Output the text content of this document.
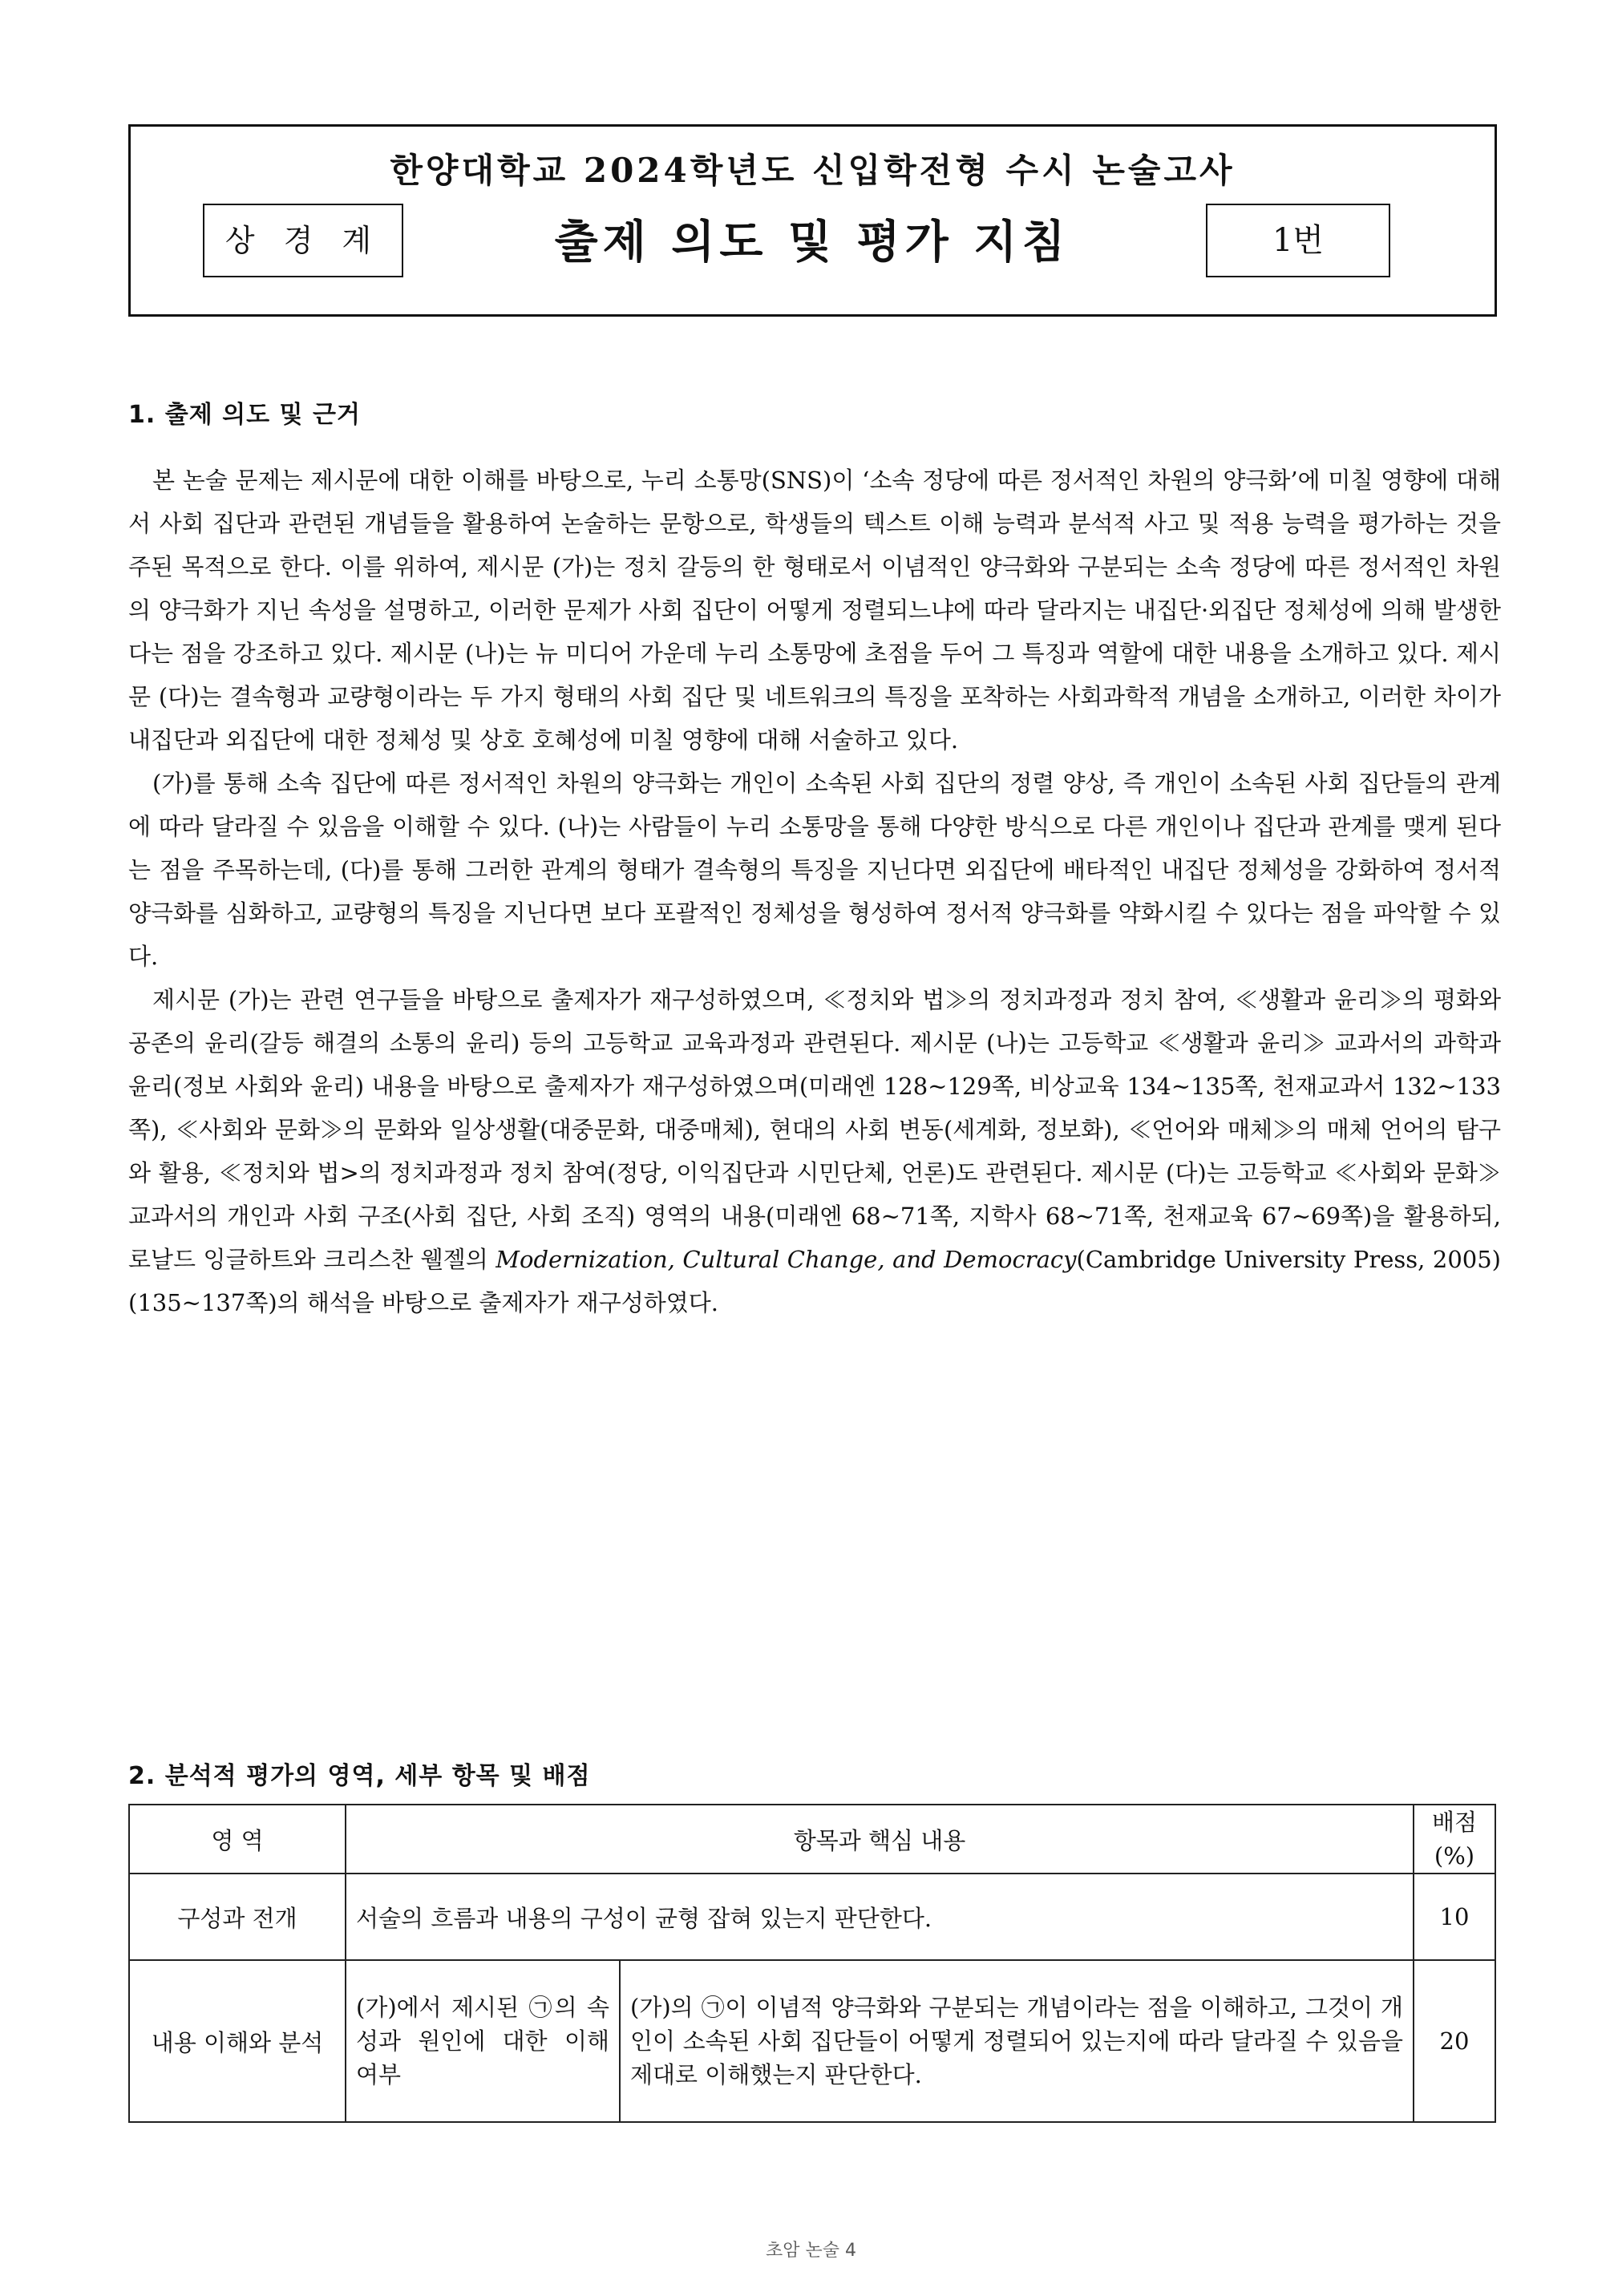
한양대학교 2024학년도 신입학전형 수시 논술고사
상 경 계	출제 의도 및 평가 지침	1번
1. 출제 의도 및 근거

본 논술 문제는 제시문에 대한 이해를 바탕으로, 누리 소통망(SNS)이 ‘소속 정당에 따른 정서적인 차원의 양극화’에 미칠 영향에 대해서 사회 집단과 관련된 개념들을 활용하여 논술하는 문항으로, 학생들의 텍스트 이해 능력과 분석적 사고 및 적용 능력을 평가하는 것을 주된 목적으로 한다. 이를 위하여, 제시문 (가)는 정치 갈등의 한 형태로서 이념적인 양극화와 구분되는 소속 정당에 따른 정서적인 차원의 양극화가 지닌 속성을 설명하고, 이러한 문제가 사회 집단이 어떻게 정렬되느냐에 따라 달라지는 내집단·외집단 정체성에 의해 발생한다는 점을 강조하고 있다. 제시문 (나)는 뉴 미디어 가운데 누리 소통망에 초점을 두어 그 특징과 역할에 대한 내용을 소개하고 있다. 제시문 (다)는 결속형과 교량형이라는 두 가지 형태의 사회 집단 및 네트워크의 특징을 포착하는 사회과학적 개념을 소개하고, 이러한 차이가 내집단과 외집단에 대한 정체성 및 상호 호혜성에 미칠 영향에 대해 서술하고 있다.

(가)를 통해 소속 집단에 따른 정서적인 차원의 양극화는 개인이 소속된 사회 집단의 정렬 양상, 즉 개인이 소속된 사회 집단들의 관계에 따라 달라질 수 있음을 이해할 수 있다. (나)는 사람들이 누리 소통망을 통해 다양한 방식으로 다른 개인이나 집단과 관계를 맺게 된다는 점을 주목하는데, (다)를 통해 그러한 관계의 형태가 결속형의 특징을 지닌다면 외집단에 배타적인 내집단 정체성을 강화하여 정서적 양극화를 심화하고, 교량형의 특징을 지닌다면 보다 포괄적인 정체성을 형성하여 정서적 양극화를 약화시킬 수 있다는 점을 파악할 수 있다.

제시문 (가)는 관련 연구들을 바탕으로 출제자가 재구성하였으며, ≪정치와 법≫의 정치과정과 정치 참여, ≪생활과 윤리≫의 평화와 공존의 윤리(갈등 해결의 소통의 윤리) 등의 고등학교 교육과정과 관련된다. 제시문 (나)는 고등학교 ≪생활과 윤리≫ 교과서의 과학과 윤리(정보 사회와 윤리) 내용을 바탕으로 출제자가 재구성하였으며(미래엔 128~129쪽, 비상교육 134~135쪽, 천재교과서 132~133쪽), ≪사회와 문화≫의 문화와 일상생활(대중문화, 대중매체), 현대의 사회 변동(세계화, 정보화), ≪언어와 매체≫의 매체 언어의 탐구와 활용, ≪정치와 법>의 정치과정과 정치 참여(정당, 이익집단과 시민단체, 언론)도 관련된다. 제시문 (다)는 고등학교 ≪사회와 문화≫ 교과서의 개인과 사회 구조(사회 집단, 사회 조직) 영역의 내용(미래엔 68~71쪽, 지학사 68~71쪽, 천재교육 67~69쪽)을 활용하되, 로날드 잉글하트와 크리스찬 웰젤의 Modernization, Cultural Change, and Democracy(Cambridge University Press, 2005)(135~137쪽)의 해석을 바탕으로 출제자가 재구성하였다.

2. 분석적 평가의 영역, 세부 항목 및 배점
영 역	항목과 핵심 내용		배점 (%)
구성과 전개	서술의 흐름과 내용의 구성이 균형 잡혀 있는지 판단한다.		10
내용 이해와 분석	(가)에서 제시된 ㉠의 속성과 원인에 대한 이해 여부	(가)의 ㉠이 이념적 양극화와 구분되는 개념이라는 점을 이해하고, 그것이 개인이 소속된 사회 집단들이 어떻게 정렬되어 있는지에 따라 달라질 수 있음을 제대로 이해했는지 판단한다.	20
초암 논술 4
